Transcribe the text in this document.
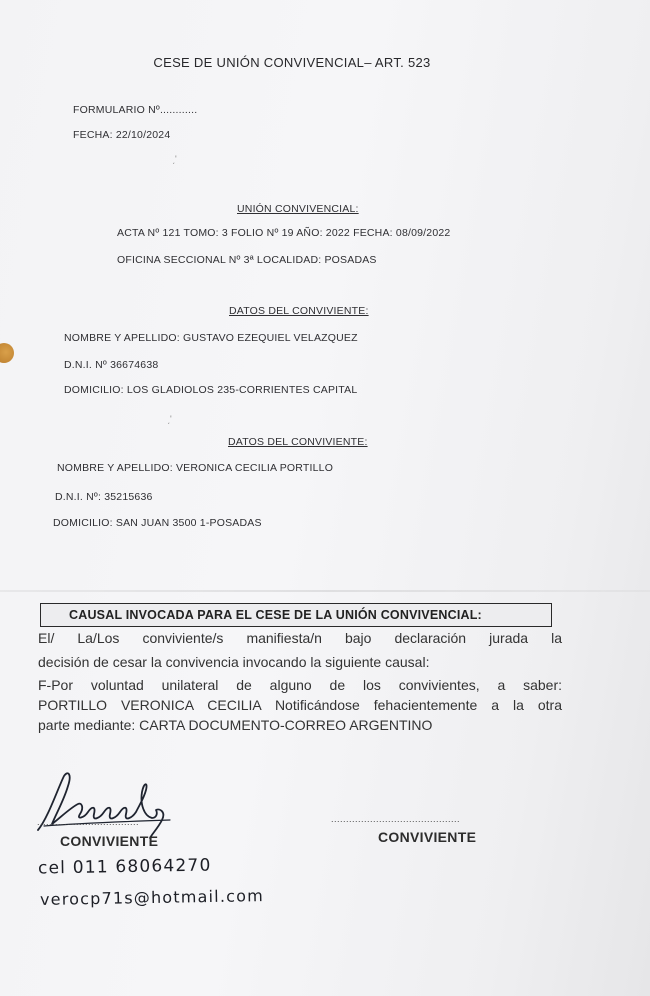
CESE DE UNIÓN CONVIVENCIAL– ART. 523
FORMULARIO Nº............
FECHA: 22/10/2024
ˏ'
UNIÓN CONVIVENCIAL:
ACTA Nº 121 TOMO: 3 FOLIO Nº 19 AÑO: 2022 FECHA: 08/09/2022
OFICINA SECCIONAL Nº 3ª LOCALIDAD: POSADAS
DATOS DEL CONVIVIENTE:
NOMBRE Y APELLIDO: GUSTAVO EZEQUIEL VELAZQUEZ
D.N.I. Nº 36674638
DOMICILIO: LOS GLADIOLOS 235-CORRIENTES CAPITAL
ˏ'
DATOS DEL CONVIVIENTE:
NOMBRE Y APELLIDO: VERONICA CECILIA PORTILLO
D.N.I. Nº: 35215636
DOMICILIO: SAN JUAN 3500 1-POSADAS
CAUSAL INVOCADA PARA EL CESE DE LA UNIÓN CONVIVENCIAL:
El/ La/Los conviviente/s manifiesta/n bajo declaración jurada la
decisión de cesar la convivencia invocando la siguiente causal:
F-Por voluntad unilateral de alguno de los convivientes, a saber:
PORTILLO VERONICA CECILIA Notificándose fehacientemente a la otra
parte mediante: CARTA DOCUMENTO-CORREO ARGENTINO
..................................	...........................................
CONVIVIENTE	CONVIVIENTE
cel 011 68064270
verocp71s@hotmail.com
